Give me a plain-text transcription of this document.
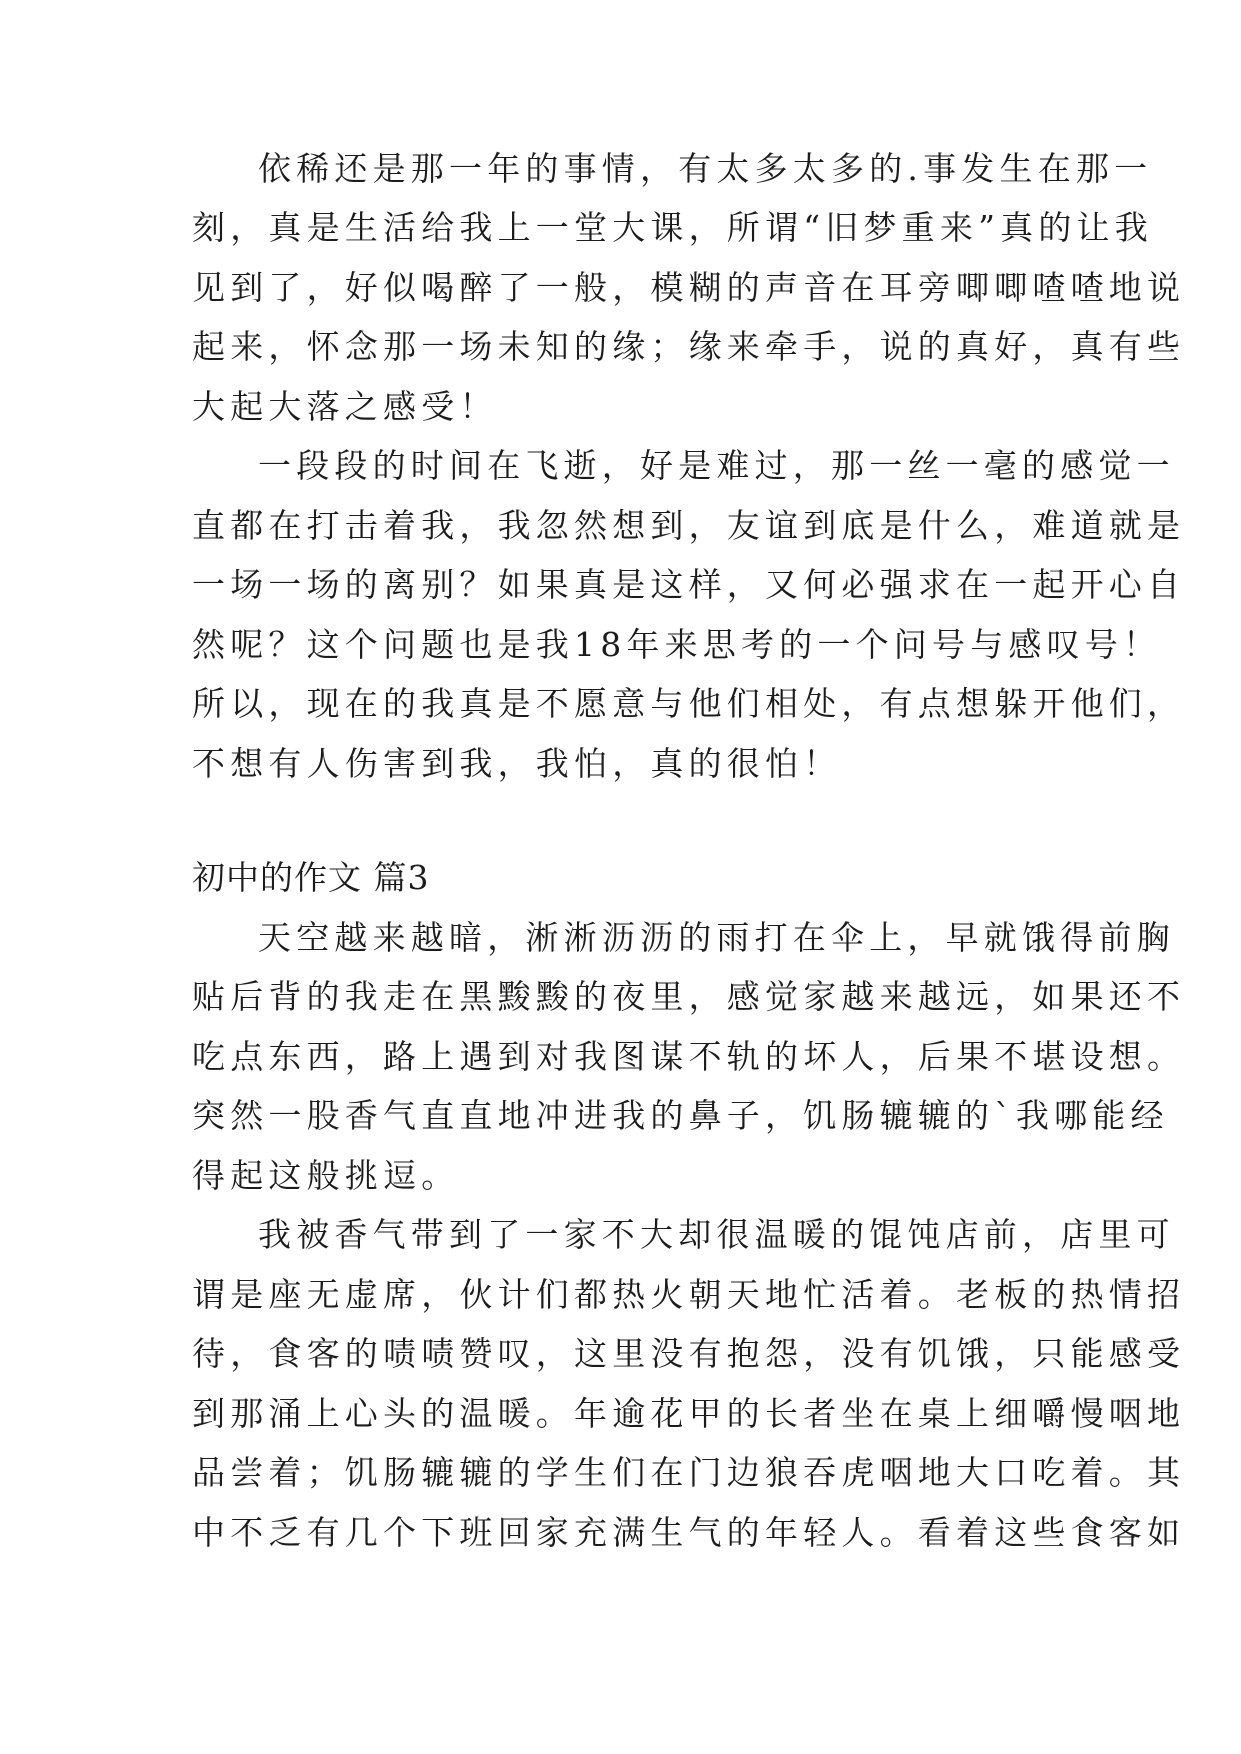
依稀还是那一年的事情，有太多太多的.事发生在那一

刻，真是生活给我上一堂大课，所谓“旧梦重来”真的让我

见到了，好似喝醉了一般，模糊的声音在耳旁唧唧喳喳地说

起来，怀念那一场未知的缘；缘来牵手，说的真好，真有些

大起大落之感受！

一段段的时间在飞逝，好是难过，那一丝一毫的感觉一

直都在打击着我，我忽然想到，友谊到底是什么，难道就是

一场一场的离别？如果真是这样，又何必强求在一起开心自

然呢？这个问题也是我18年来思考的一个问号与感叹号！

所以，现在的我真是不愿意与他们相处，有点想躲开他们，

不想有人伤害到我，我怕，真的很怕！

初中的作文 篇3

天空越来越暗，淅淅沥沥的雨打在伞上，早就饿得前胸

贴后背的我走在黑黢黢的夜里，感觉家越来越远，如果还不

吃点东西，路上遇到对我图谋不轨的坏人，后果不堪设想。

突然一股香气直直地冲进我的鼻子，饥肠辘辘的`我哪能经

得起这般挑逗。

我被香气带到了一家不大却很温暖的馄饨店前，店里可

谓是座无虚席，伙计们都热火朝天地忙活着。老板的热情招

待，食客的啧啧赞叹，这里没有抱怨，没有饥饿，只能感受

到那涌上心头的温暖。年逾花甲的长者坐在桌上细嚼慢咽地

品尝着；饥肠辘辘的学生们在门边狼吞虎咽地大口吃着。其

中不乏有几个下班回家充满生气的年轻人。看着这些食客如
